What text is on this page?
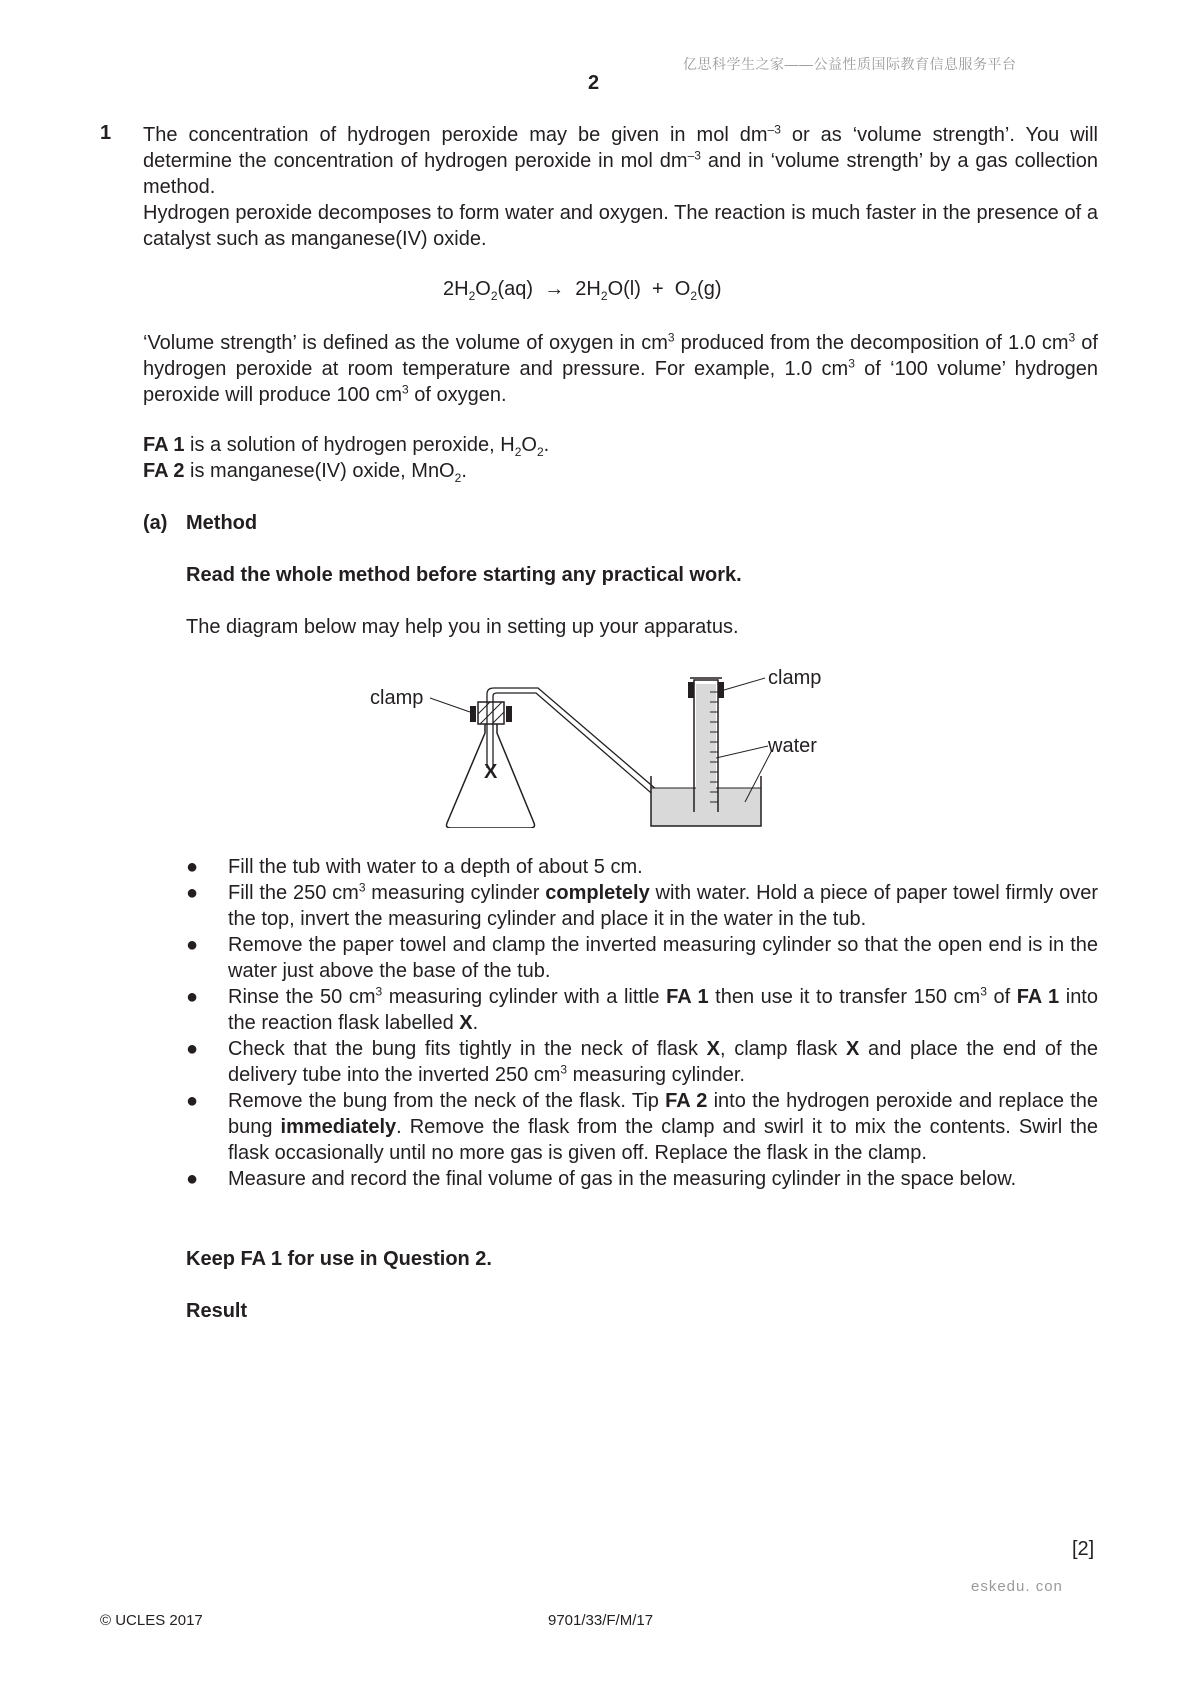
亿思科学生之家——公益性质国际教育信息服务平台
2
1 The concentration of hydrogen peroxide may be given in mol $dm^{-3}$ or as ‘volume strength’. You will determine the concentration of hydrogen peroxide in mol $dm^{-3}$ and in ‘volume strength’ by a gas collection method.
Hydrogen peroxide decomposes to form water and oxygen. The reaction is much faster in the presence of a catalyst such as manganese(IV) oxide.
$2H_2O_2(aq) \to 2H_2O(l) + O_2(g)$
‘Volume strength’ is defined as the volume of oxygen in $cm^3$ produced from the decomposition of 1.0 $cm^3$ of hydrogen peroxide at room temperature and pressure. For example, 1.0 $cm^3$ of ‘100 volume’ hydrogen peroxide will produce 100 $cm^3$ of oxygen.
FA 1 is a solution of hydrogen peroxide, $H_2O_2$.
FA 2 is manganese(IV) oxide, MnO$_2$.
(a) Method
Read the whole method before starting any practical work.
The diagram below may help you in setting up your apparatus.
clamp
clamp
water
X
● Fill the tub with water to a depth of about 5 cm.
● Fill the 250 $cm^3$ measuring cylinder completely with water. Hold a piece of paper towel firmly over the top, invert the measuring cylinder and place it in the water in the tub.
● Remove the paper towel and clamp the inverted measuring cylinder so that the open end is in the water just above the base of the tub.
● Rinse the 50 $cm^3$ measuring cylinder with a little FA 1 then use it to transfer 150 $cm^3$ of FA 1 into the reaction flask labelled X.
● Check that the bung fits tightly in the neck of flask X, clamp flask X and place the end of the delivery tube into the inverted 250 $cm^3$ measuring cylinder.
● Remove the bung from the neck of the flask. Tip FA 2 into the hydrogen peroxide and replace the bung immediately. Remove the flask from the clamp and swirl it to mix the contents. Swirl the flask occasionally until no more gas is given off. Replace the flask in the clamp.
● Measure and record the final volume of gas in the measuring cylinder in the space below.
Keep FA 1 for use in Question 2.
Result
[2]
eskedu. con
© UCLES 2017	9701/33/F/M/17
